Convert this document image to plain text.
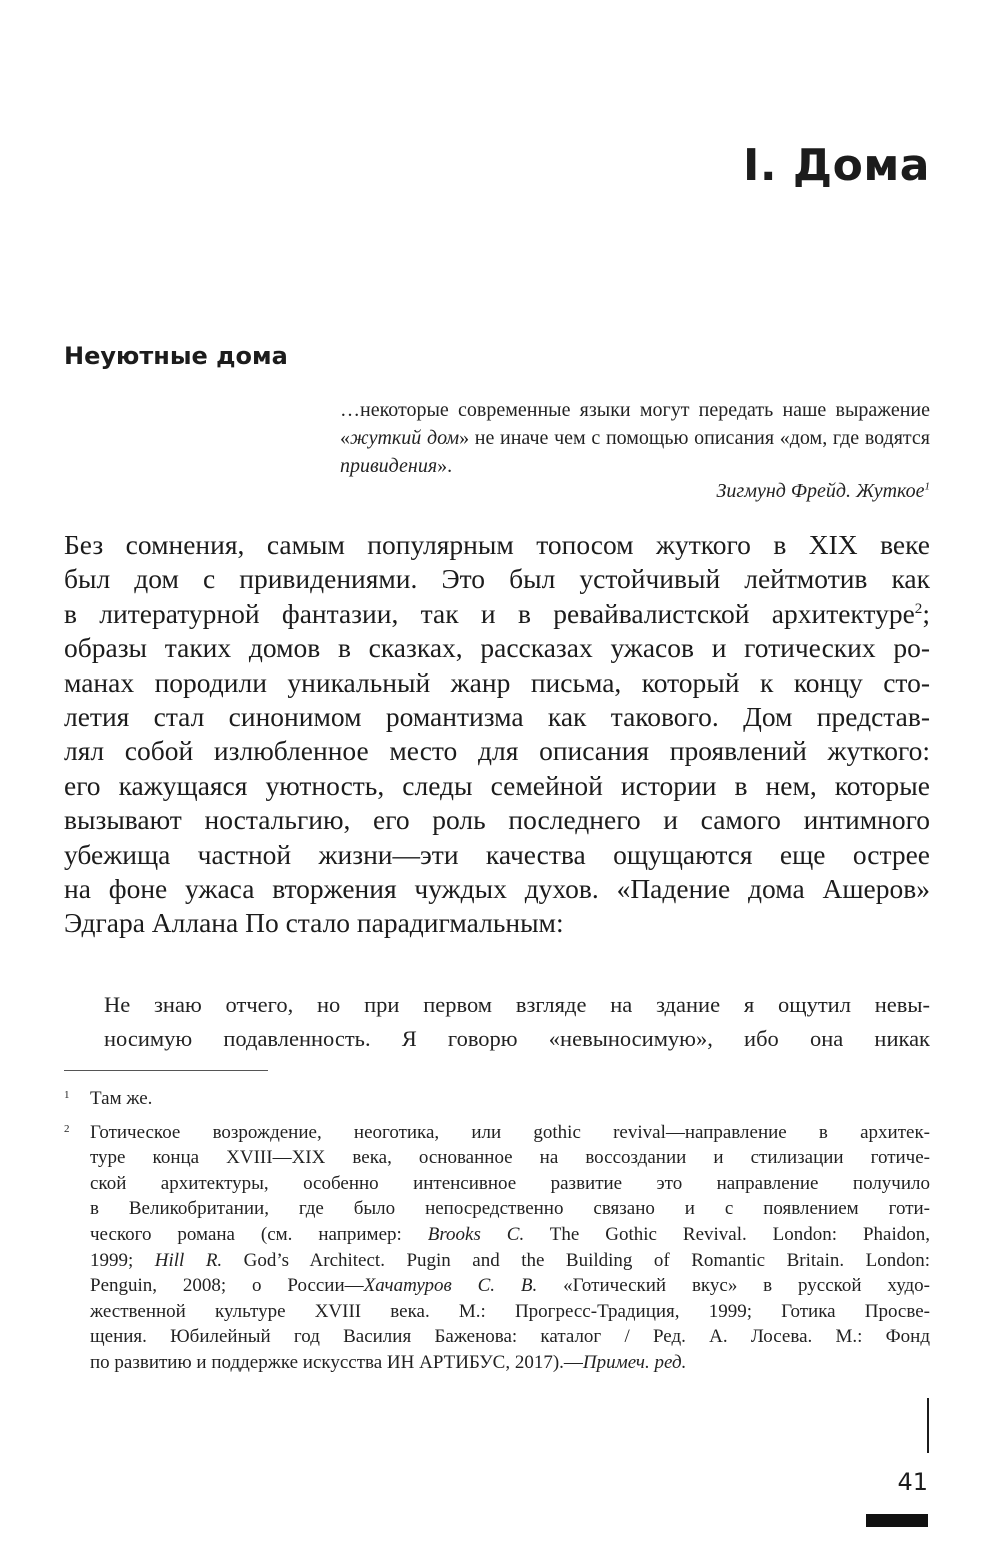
I. Дома
Неуютные дома
…некоторые современные языки могут передать наше выражение «жуткий дом» не иначе чем с помощью описания «дом, где водятся привидения».
Зигмунд Фрейд. Жуткое$^1$
Без сомнения, самым популярным топосом жуткого в XIX веке
был дом с привидениями. Это был устойчивый лейтмотив как
в литературной фантазии, так и в ревайвалистской архитектуре$^2$;
образы таких домов в сказках, рассказах ужасов и готических ро-
манах породили уникальный жанр письма, который к концу сто-
летия стал синонимом романтизма как такового. Дом представ-
лял собой излюбленное место для описания проявлений жуткого:
его кажущаяся уютность, следы семейной истории в нем, которые
вызывают ностальгию, его роль последнего и самого интимного
убежища частной жизни—эти качества ощущаются еще острее
на фоне ужаса вторжения чуждых духов. «Падение дома Ашеров»
Эдгара Аллана По стало парадигмальным:
Не знаю отчего, но при первом взгляде на здание я ощутил невы-
носимую подавленность. Я говорю «невыносимую», ибо она никак
1 Там же.
2 Готическое возрождение, неоготика, или gothic revival—направление в архитек-
туре конца XVIII—XIX века, основанное на воссоздании и стилизации готиче-
ской архитектуры, особенно интенсивное развитие это направление получило
в Великобритании, где было непосредственно связано и с появлением готи-
ческого романа (см. например: Brooks C. The Gothic Revival. London: Phaidon,
1999; Hill R. God’s Architect. Pugin and the Building of Romantic Britain. London:
Penguin, 2008; о России—Хачатуров С. В. «Готический вкус» в русской худо-
жественной культуре XVIII века. М.: Прогресс-Традиция, 1999; Готика Просве-
щения. Юбилейный год Василия Баженова: каталог / Ред. А. Лосева. М.: Фонд
по развитию и поддержке искусства ИН АРТИБУС, 2017).—Примеч. ред.
41
